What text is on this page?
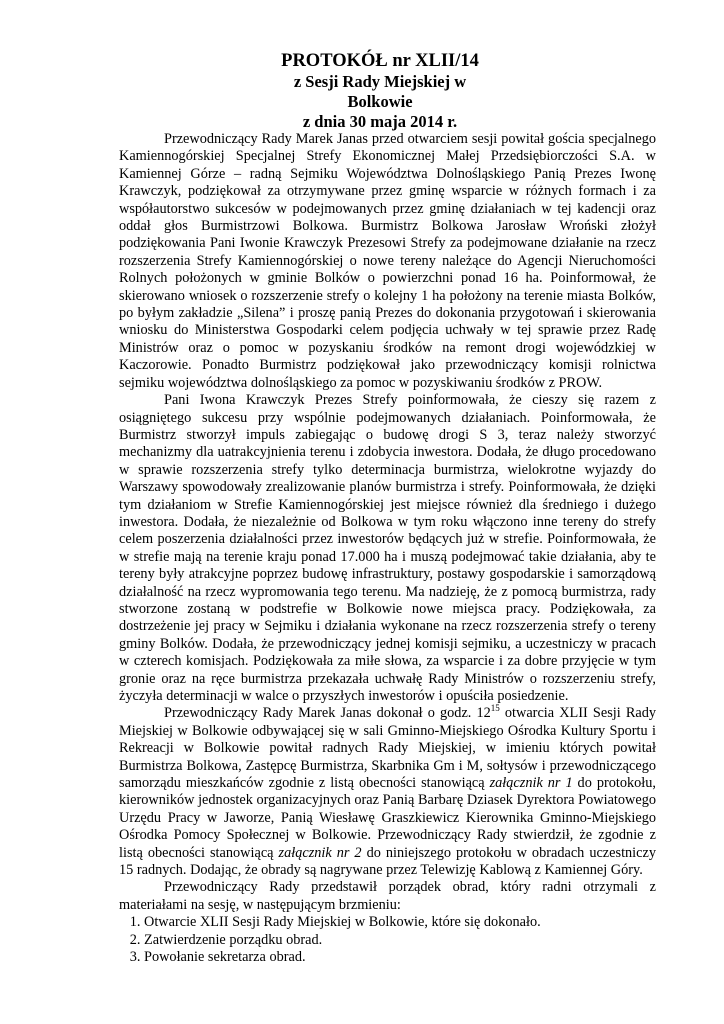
PROTOKÓŁ nr XLII/14
z Sesji Rady Miejskiej w Bolkowie
z dnia 30 maja 2014 r.

Przewodniczący Rady Marek Janas przed otwarciem sesji powitał gościa specjalnego Kamiennogórskiej Specjalnej Strefy Ekonomicznej Małej Przedsiębiorczości S.A. w Kamiennej Górze – radną Sejmiku Województwa Dolnośląskiego Panią Prezes Iwonę Krawczyk, podziękował za otrzymywane przez gminę wsparcie w różnych formach i za współautorstwo sukcesów w podejmowanych przez gminę działaniach w tej kadencji oraz oddał głos Burmistrzowi Bolkowa. Burmistrz Bolkowa Jarosław Wroński złożył podziękowania Pani Iwonie Krawczyk Prezesowi Strefy za podejmowane działanie na rzecz rozszerzenia Strefy Kamiennogórskiej o nowe tereny należące do Agencji Nieruchomości Rolnych położonych w gminie Bolków o powierzchni ponad 16 ha. Poinformował, że skierowano wniosek o rozszerzenie strefy o kolejny 1 ha położony na terenie miasta Bolków, po byłym zakładzie „Silena” i proszę panią Prezes do dokonania przygotowań i skierowania wniosku do Ministerstwa Gospodarki celem podjęcia uchwały w tej sprawie przez Radę Ministrów oraz o pomoc w pozyskaniu środków na remont drogi wojewódzkiej w Kaczorowie. Ponadto Burmistrz podziękował jako przewodniczący komisji rolnictwa sejmiku województwa dolnośląskiego za pomoc w pozyskiwaniu środków z PROW.

Pani Iwona Krawczyk Prezes Strefy poinformowała, że cieszy się razem z osiągniętego sukcesu przy wspólnie podejmowanych działaniach. Poinformowała, że Burmistrz stworzył impuls zabiegając o budowę drogi S 3, teraz należy stworzyć mechanizmy dla uatrakcyjnienia terenu i zdobycia inwestora. Dodała, że długo procedowano w sprawie rozszerzenia strefy tylko determinacja burmistrza, wielokrotne wyjazdy do Warszawy spowodowały zrealizowanie planów burmistrza i strefy. Poinformowała, że dzięki tym działaniom w Strefie Kamiennogórskiej jest miejsce również dla średniego i dużego inwestora. Dodała, że niezależnie od Bolkowa w tym roku włączono inne tereny do strefy celem poszerzenia działalności przez inwestorów będących już w strefie. Poinformowała, że w strefie mają na terenie kraju ponad 17.000 ha i muszą podejmować takie działania, aby te tereny były atrakcyjne poprzez budowę infrastruktury, postawy gospodarskie i samorządową działalność na rzecz wypromowania tego terenu. Ma nadzieję, że z pomocą burmistrza, rady stworzone zostaną w podstrefie w Bolkowie nowe miejsca pracy. Podziękowała, za dostrzeżenie jej pracy w Sejmiku i działania wykonane na rzecz rozszerzenia strefy o tereny gminy Bolków. Dodała, że przewodniczący jednej komisji sejmiku, a uczestniczy w pracach w czterech komisjach. Podziękowała za miłe słowa, za wsparcie i za dobre przyjęcie w tym gronie oraz na ręce burmistrza przekazała uchwałę Rady Ministrów o rozszerzeniu strefy, życzyła determinacji w walce o przyszłych inwestorów i opuściła posiedzenie.

Przewodniczący Rady Marek Janas dokonał o godz. $12^{15}$ otwarcia XLII Sesji Rady Miejskiej w Bolkowie odbywającej się w sali Gminno-Miejskiego Ośrodka Kultury Sportu i Rekreacji w Bolkowie powitał radnych Rady Miejskiej, w imieniu których powitał Burmistrza Bolkowa, Zastępcę Burmistrza, Skarbnika Gm i M, sołtysów i przewodniczącego samorządu mieszkańców zgodnie z listą obecności stanowiącą załącznik nr 1 do protokołu, kierowników jednostek organizacyjnych oraz Panią Barbarę Dziasek Dyrektora Powiatowego Urzędu Pracy w Jaworze, Panią Wiesławę Graszkiewicz Kierownika Gminno-Miejskiego Ośrodka Pomocy Społecznej w Bolkowie. Przewodniczący Rady stwierdził, że zgodnie z listą obecności stanowiącą załącznik nr 2 do niniejszego protokołu w obradach uczestniczy 15 radnych. Dodając, że obrady są nagrywane przez Telewizję Kablową z Kamiennej Góry.

Przewodniczący Rady przedstawił porządek obrad, który radni otrzymali z materiałami na sesję, w następującym brzmieniu:

1. Otwarcie XLII Sesji Rady Miejskiej w Bolkowie, które się dokonało.
2. Zatwierdzenie porządku obrad.
3. Powołanie sekretarza obrad.
